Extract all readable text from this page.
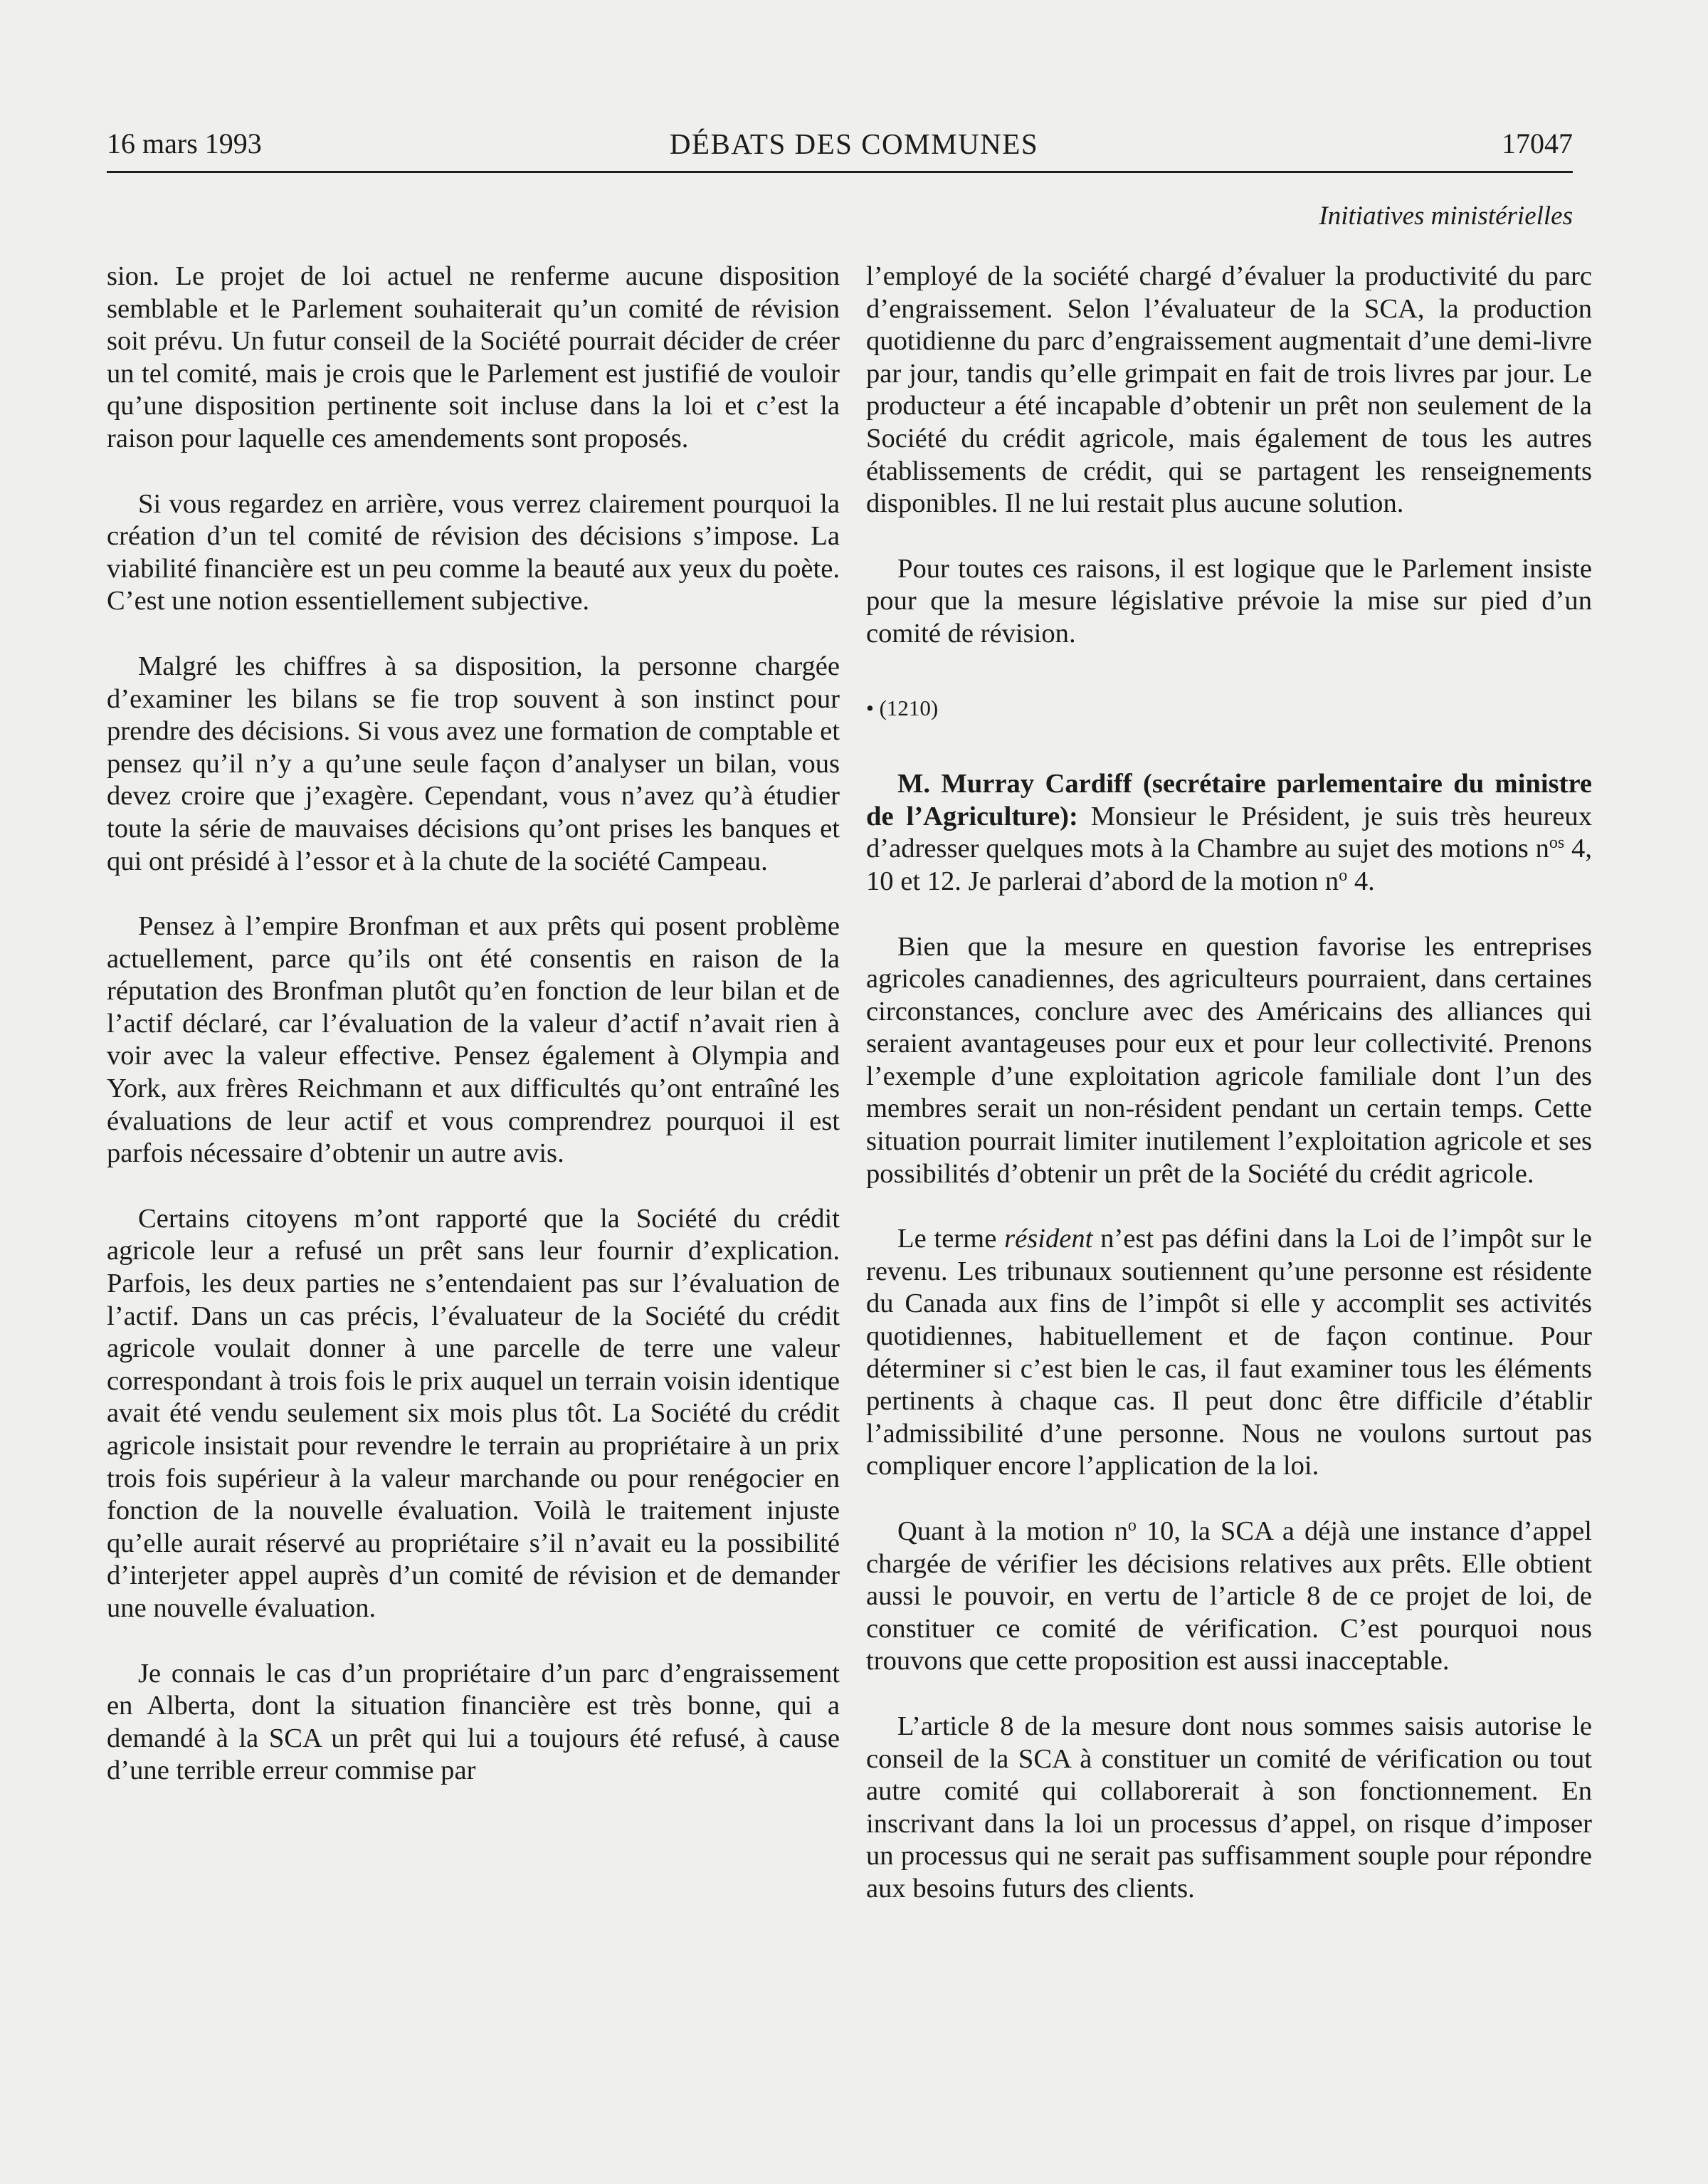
16 mars 1993	DÉBATS DES COMMUNES	17047
Initiatives ministérielles

sion. Le projet de loi actuel ne renferme aucune disposition semblable et le Parlement souhaiterait qu’un comité de révision soit prévu. Un futur conseil de la Société pourrait décider de créer un tel comité, mais je crois que le Parlement est justifié de vouloir qu’une disposition pertinente soit incluse dans la loi et c’est la raison pour laquelle ces amendements sont proposés.

Si vous regardez en arrière, vous verrez clairement pourquoi la création d’un tel comité de révision des décisions s’impose. La viabilité financière est un peu comme la beauté aux yeux du poète. C’est une notion essentiellement subjective.

Malgré les chiffres à sa disposition, la personne chargée d’examiner les bilans se fie trop souvent à son instinct pour prendre des décisions. Si vous avez une formation de comptable et pensez qu’il n’y a qu’une seule façon d’analyser un bilan, vous devez croire que j’exagère. Cependant, vous n’avez qu’à étudier toute la série de mauvaises décisions qu’ont prises les banques et qui ont présidé à l’essor et à la chute de la société Campeau.

Pensez à l’empire Bronfman et aux prêts qui posent problème actuellement, parce qu’ils ont été consentis en raison de la réputation des Bronfman plutôt qu’en fonction de leur bilan et de l’actif déclaré, car l’évaluation de la valeur d’actif n’avait rien à voir avec la valeur effective. Pensez également à Olympia and York, aux frères Reichmann et aux difficultés qu’ont entraîné les évaluations de leur actif et vous comprendrez pourquoi il est parfois nécessaire d’obtenir un autre avis.

Certains citoyens m’ont rapporté que la Société du crédit agricole leur a refusé un prêt sans leur fournir d’explication. Parfois, les deux parties ne s’entendaient pas sur l’évaluation de l’actif. Dans un cas précis, l’évaluateur de la Société du crédit agricole voulait donner à une parcelle de terre une valeur correspondant à trois fois le prix auquel un terrain voisin identique avait été vendu seulement six mois plus tôt. La Société du crédit agricole insistait pour revendre le terrain au propriétaire à un prix trois fois supérieur à la valeur marchande ou pour renégocier en fonction de la nouvelle évaluation. Voilà le traitement injuste qu’elle aurait réservé au propriétaire s’il n’avait eu la possibilité d’interjeter appel auprès d’un comité de révision et de demander une nouvelle évaluation.

Je connais le cas d’un propriétaire d’un parc d’engraissement en Alberta, dont la situation financière est très bonne, qui a demandé à la SCA un prêt qui lui a toujours été refusé, à cause d’une terrible erreur commise par

l’employé de la société chargé d’évaluer la productivité du parc d’engraissement. Selon l’évaluateur de la SCA, la production quotidienne du parc d’engraissement augmentait d’une demi-livre par jour, tandis qu’elle grimpait en fait de trois livres par jour. Le producteur a été incapable d’obtenir un prêt non seulement de la Société du crédit agricole, mais également de tous les autres établissements de crédit, qui se partagent les renseignements disponibles. Il ne lui restait plus aucune solution.

Pour toutes ces raisons, il est logique que le Parlement insiste pour que la mesure législative prévoie la mise sur pied d’un comité de révision.

• (1210)

M. Murray Cardiff (secrétaire parlementaire du ministre de l’Agriculture): Monsieur le Président, je suis très heureux d’adresser quelques mots à la Chambre au sujet des motions $n^{os}$ 4, 10 et 12. Je parlerai d’abord de la motion $n^o$ 4.

Bien que la mesure en question favorise les entreprises agricoles canadiennes, des agriculteurs pourraient, dans certaines circonstances, conclure avec des Américains des alliances qui seraient avantageuses pour eux et pour leur collectivité. Prenons l’exemple d’une exploitation agricole familiale dont l’un des membres serait un non-résident pendant un certain temps. Cette situation pourrait limiter inutilement l’exploitation agricole et ses possibilités d’obtenir un prêt de la Société du crédit agricole.

Le terme résident n’est pas défini dans la Loi de l’impôt sur le revenu. Les tribunaux soutiennent qu’une personne est résidente du Canada aux fins de l’impôt si elle y accomplit ses activités quotidiennes, habituellement et de façon continue. Pour déterminer si c’est bien le cas, il faut examiner tous les éléments pertinents à chaque cas. Il peut donc être difficile d’établir l’admissibilité d’une personne. Nous ne voulons surtout pas compliquer encore l’application de la loi.

Quant à la motion $n^o$ 10, la SCA a déjà une instance d’appel chargée de vérifier les décisions relatives aux prêts. Elle obtient aussi le pouvoir, en vertu de l’article 8 de ce projet de loi, de constituer ce comité de vérification. C’est pourquoi nous trouvons que cette proposition est aussi inacceptable.

L’article 8 de la mesure dont nous sommes saisis autorise le conseil de la SCA à constituer un comité de vérification ou tout autre comité qui collaborerait à son fonctionnement. En inscrivant dans la loi un processus d’appel, on risque d’imposer un processus qui ne serait pas suffisamment souple pour répondre aux besoins futurs des clients.
